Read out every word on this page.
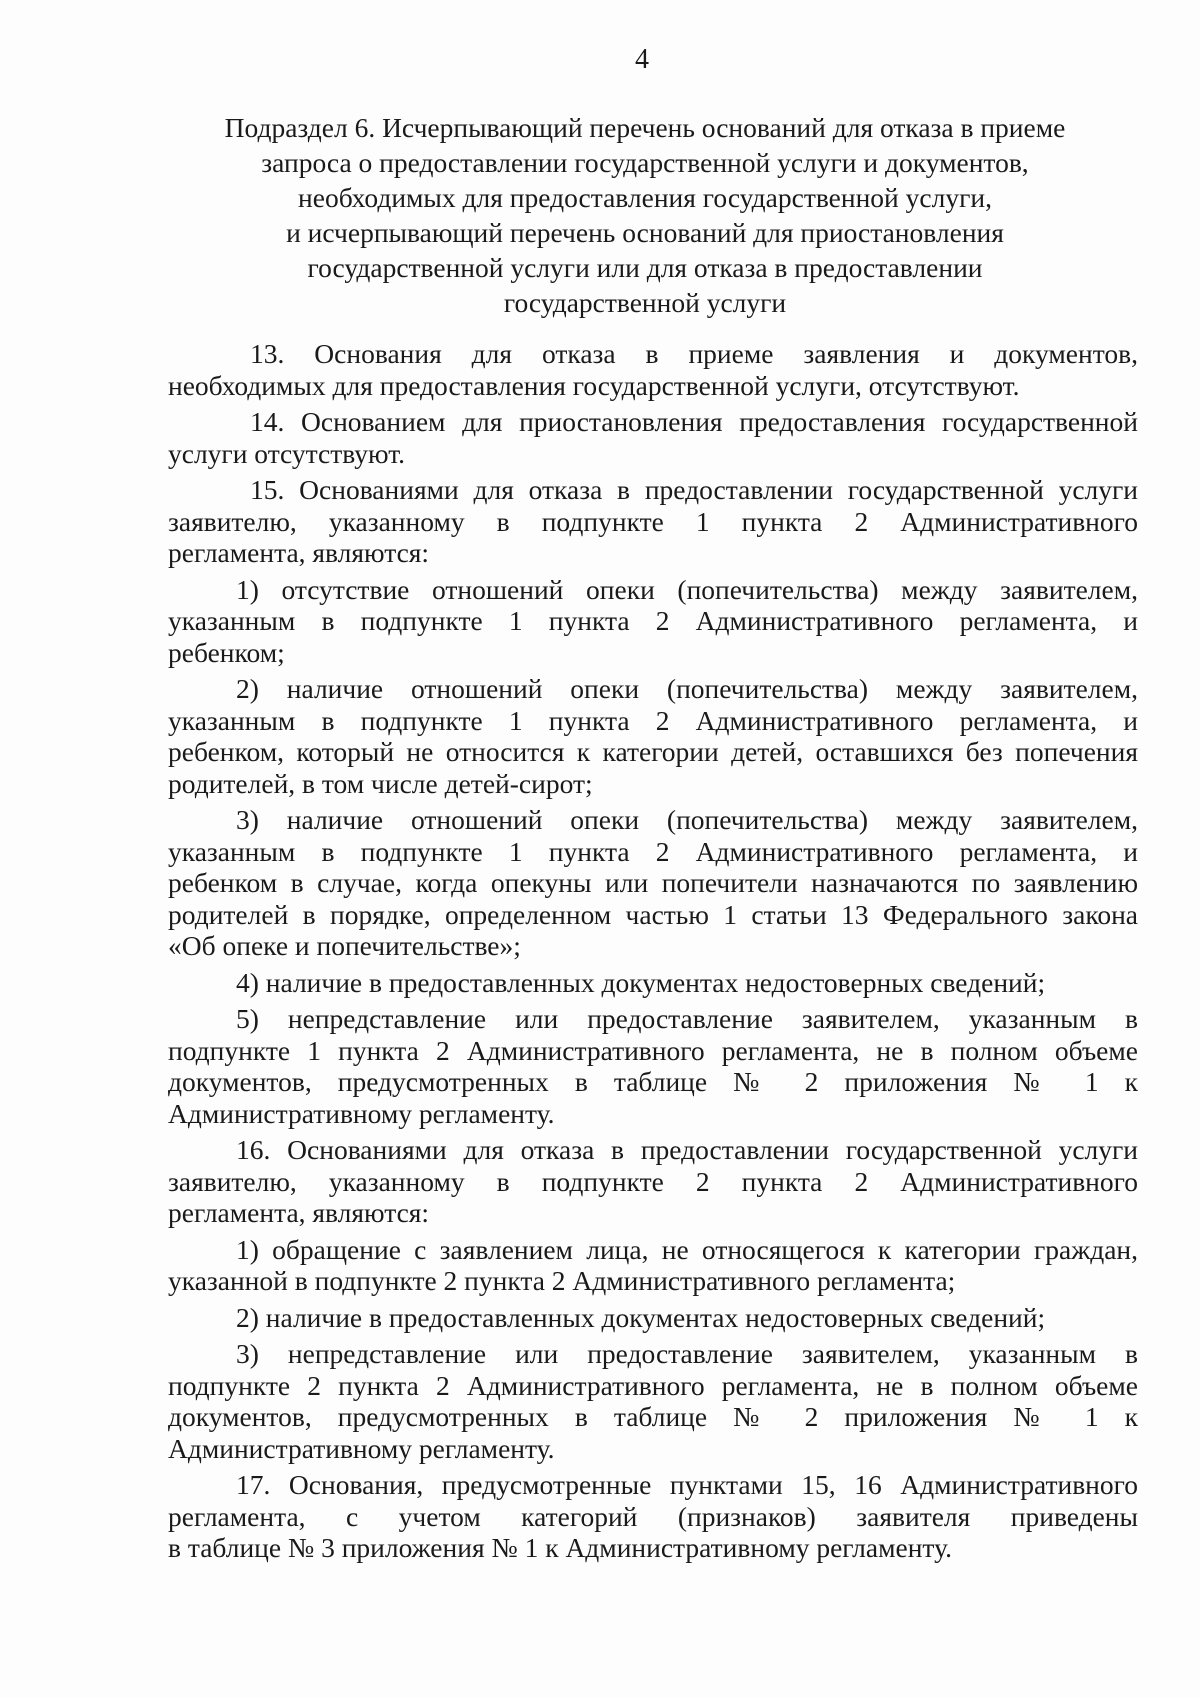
4
Подраздел 6. Исчерпывающий перечень оснований для отказа в приеме
запроса о предоставлении государственной услуги и документов,
необходимых для предоставления государственной услуги,
и исчерпывающий перечень оснований для приостановления
государственной услуги или для отказа в предоставлении
государственной услуги
13. Основания для отказа в приеме заявления и документов,
необходимых для предоставления государственной услуги, отсутствуют.
14. Основанием для приостановления предоставления государственной
услуги отсутствуют.
15. Основаниями для отказа в предоставлении государственной услуги
заявителю, указанному в подпункте 1 пункта 2 Административного
регламента, являются:
1) отсутствие отношений опеки (попечительства) между заявителем,
указанным в подпункте 1 пункта 2 Административного регламента, и
ребенком;
2) наличие отношений опеки (попечительства) между заявителем,
указанным в подпункте 1 пункта 2 Административного регламента, и
ребенком, который не относится к категории детей, оставшихся без попечения
родителей, в том числе детей-сирот;
3) наличие отношений опеки (попечительства) между заявителем,
указанным в подпункте 1 пункта 2 Административного регламента, и
ребенком в случае, когда опекуны или попечители назначаются по заявлению
родителей в порядке, определенном частью 1 статьи 13 Федерального закона
«Об опеке и попечительстве»;
4) наличие в предоставленных документах недостоверных сведений;
5) непредставление или предоставление заявителем, указанным в
подпункте 1 пункта 2 Административного регламента, не в полном объеме
документов, предусмотренных в таблице № 2 приложения № 1 к
Административному регламенту.
16. Основаниями для отказа в предоставлении государственной услуги
заявителю, указанному в подпункте 2 пункта 2 Административного
регламента, являются:
1) обращение с заявлением лица, не относящегося к категории граждан,
указанной в подпункте 2 пункта 2 Административного регламента;
2) наличие в предоставленных документах недостоверных сведений;
3) непредставление или предоставление заявителем, указанным в
подпункте 2 пункта 2 Административного регламента, не в полном объеме
документов, предусмотренных в таблице № 2 приложения № 1 к
Административному регламенту.
17. Основания, предусмотренные пунктами 15, 16 Административного
регламента, с учетом категорий (признаков) заявителя приведены
в таблице № 3 приложения № 1 к Административному регламенту.
